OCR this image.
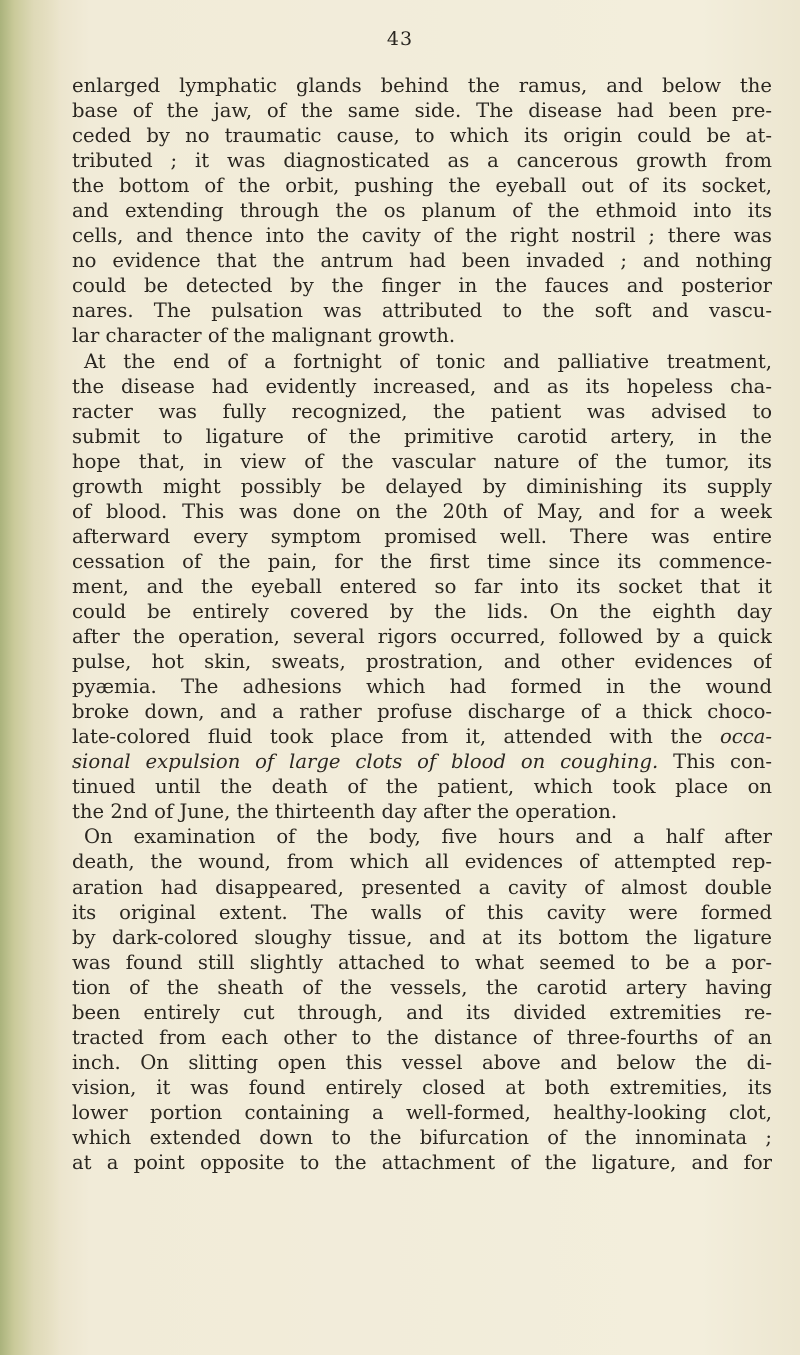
43
enlarged lymphatic glands behind the ramus, and below the
base of the jaw, of the same side. The disease had been pre-
ceded by no traumatic cause, to which its origin could be at-
tributed ; it was diagnosticated as a cancerous growth from
the bottom of the orbit, pushing the eyeball out of its socket,
and extending through the os planum of the ethmoid into its
cells, and thence into the cavity of the right nostril ; there was
no evidence that the antrum had been invaded ; and nothing
could be detected by the finger in the fauces and posterior
nares. The pulsation was attributed to the soft and vascu-
lar character of the malignant growth.
At the end of a fortnight of tonic and palliative treatment,
the disease had evidently increased, and as its hopeless cha-
racter was fully recognized, the patient was advised to
submit to ligature of the primitive carotid artery, in the
hope that, in view of the vascular nature of the tumor, its
growth might possibly be delayed by diminishing its supply
of blood. This was done on the 20th of May, and for a week
afterward every symptom promised well. There was entire
cessation of the pain, for the first time since its commence-
ment, and the eyeball entered so far into its socket that it
could be entirely covered by the lids. On the eighth day
after the operation, several rigors occurred, followed by a quick
pulse, hot skin, sweats, prostration, and other evidences of
pyæmia. The adhesions which had formed in the wound
broke down, and a rather profuse discharge of a thick choco-
late-colored fluid took place from it, attended with the occa-
sional expulsion of large clots of blood on coughing. This con-
tinued until the death of the patient, which took place on
the 2nd of June, the thirteenth day after the operation.
On examination of the body, five hours and a half after
death, the wound, from which all evidences of attempted rep-
aration had disappeared, presented a cavity of almost double
its original extent. The walls of this cavity were formed
by dark-colored sloughy tissue, and at its bottom the ligature
was found still slightly attached to what seemed to be a por-
tion of the sheath of the vessels, the carotid artery having
been entirely cut through, and its divided extremities re-
tracted from each other to the distance of three-fourths of an
inch. On slitting open this vessel above and below the di-
vision, it was found entirely closed at both extremities, its
lower portion containing a well-formed, healthy-looking clot,
which extended down to the bifurcation of the innominata ;
at a point opposite to the attachment of the ligature, and for
